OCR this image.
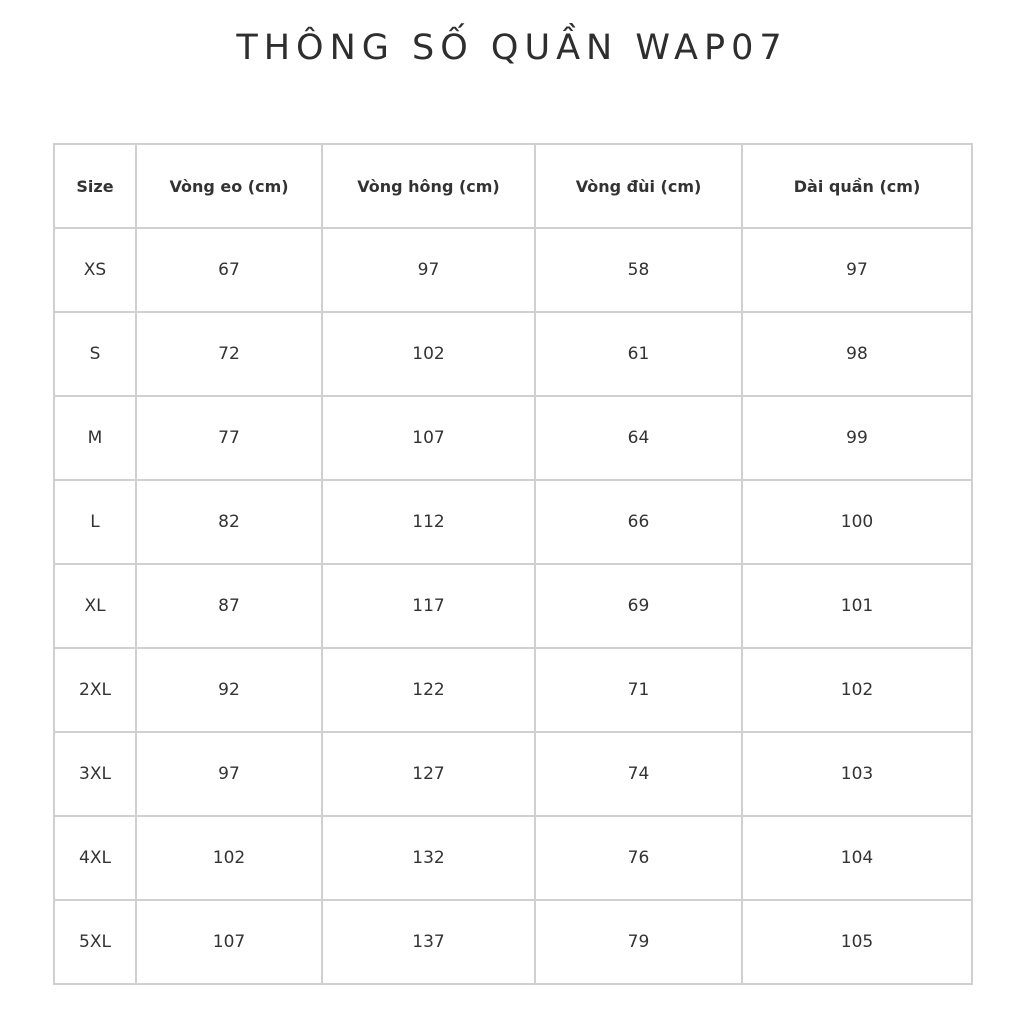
THÔNG SỐ QUẦN WAP07
Size	Vòng eo (cm)	Vòng hông (cm)	Vòng đùi (cm)	Dài quần (cm)
XS	67	97	58	97
S	72	102	61	98
M	77	107	64	99
L	82	112	66	100
XL	87	117	69	101
2XL	92	122	71	102
3XL	97	127	74	103
4XL	102	132	76	104
5XL	107	137	79	105
